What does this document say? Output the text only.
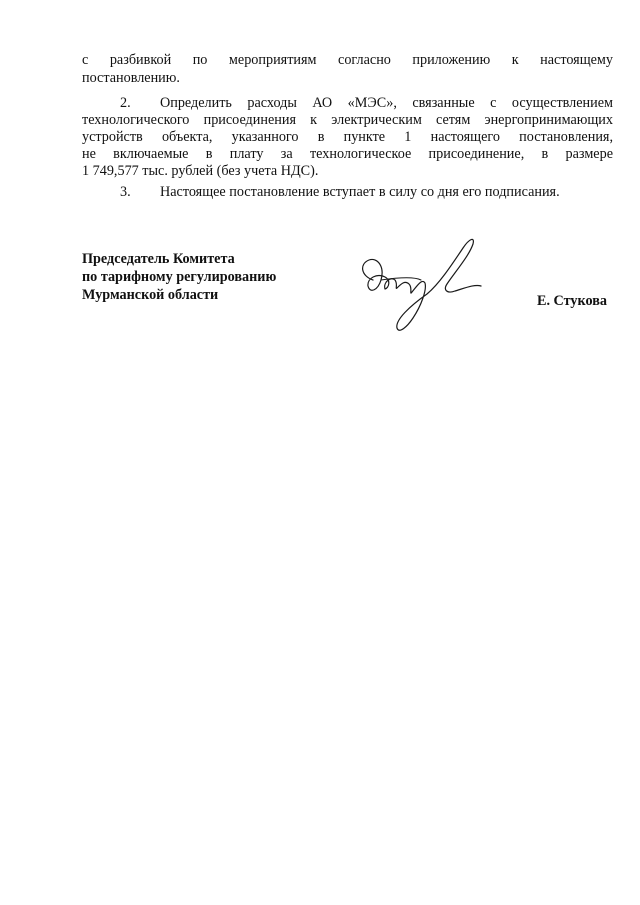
с разбивкой по мероприятиям согласно приложению к настоящему
постановлению.
2. Определить расходы АО «МЭС», связанные с осуществлением
технологического присоединения к электрическим сетям энергопринимающих
устройств объекта, указанного в пункте 1 настоящего постановления,
не включаемые в плату за технологическое присоединение, в размере
1 749,577 тыс. рублей (без учета НДС).
3. Настоящее постановление вступает в силу со дня его подписания.
Председатель Комитета
по тарифному регулированию
Мурманской области	Е. Стукова
